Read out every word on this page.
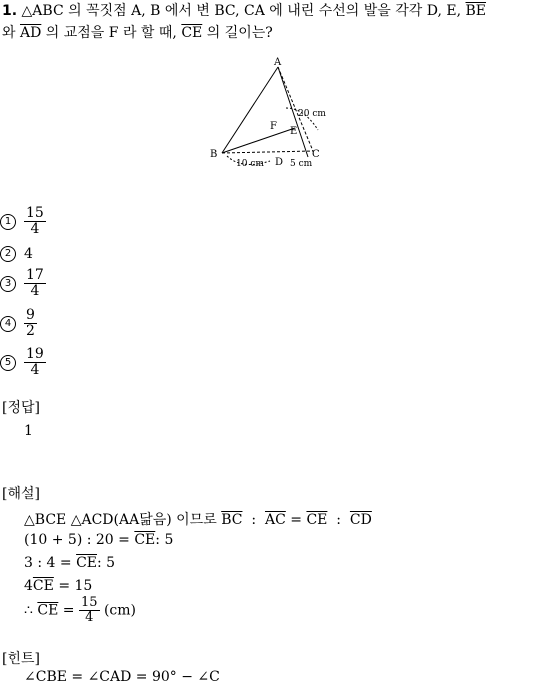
1. △ABC 의 꼭짓점 A, B 에서 변 BC, CA 에 내린 수선의 발을 각각 D, E, $\overline{BE}$
와 $\overline{AD}$ 의 교점을 F 라 할 때, $\overline{CE}$ 의 길이는?
A
B	C
D
E
F
20 cm
10 cm	5 cm
$1 \frac{15}{4}$
2 4
$3 \frac{17}{4}$
$4 \frac{9}{2}$
$5 \frac{19}{4}$
[정답]
1
[해설]
△BCE △ACD(AA닮음) 이므로 $\overline{BC}$ : $\overline{AC} = \overline{CE}$ : $\overline{CD}$
(10 + 5) : $20 = \overline{CE}$: 5
3 : $4 = \overline{CE}$: 5
$4\overline{CE} = 15$
∴ $\overline{CE} = \frac{15}{4} (cm)$
[힌트]
∠CBE = ∠CAD = 90° − ∠C
